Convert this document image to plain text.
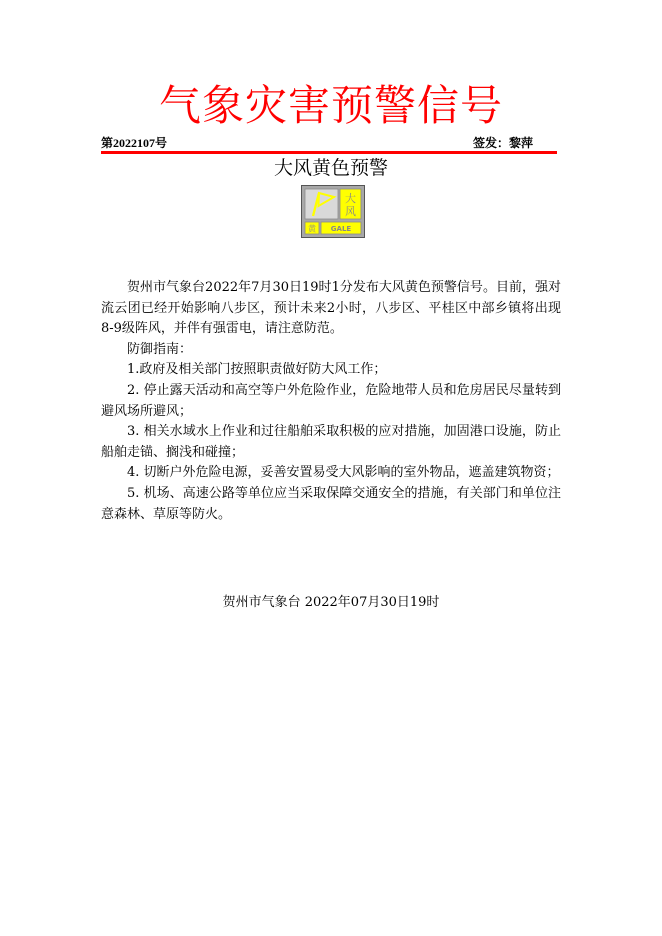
气象灾害预警信号
第2022107号	签发：黎萍
大风黄色预警
大
风
黄 GALE

贺州市气象台2022年7月30日19时1分发布大风黄色预警信号。目前，强对流云团已经开始影响八步区，预计未来2小时，八步区、平桂区中部乡镇将出现8-9级阵风，并伴有强雷电，请注意防范。

防御指南：

1.政府及相关部门按照职责做好防大风工作；

2. 停止露天活动和高空等户外危险作业，危险地带人员和危房居民尽量转到避风场所避风；

3. 相关水域水上作业和过往船舶采取积极的应对措施，加固港口设施，防止船舶走锚、搁浅和碰撞；

4. 切断户外危险电源，妥善安置易受大风影响的室外物品，遮盖建筑物资；

5. 机场、高速公路等单位应当采取保障交通安全的措施，有关部门和单位注意森林、草原等防火。

贺州市气象台 2022年07月30日19时
